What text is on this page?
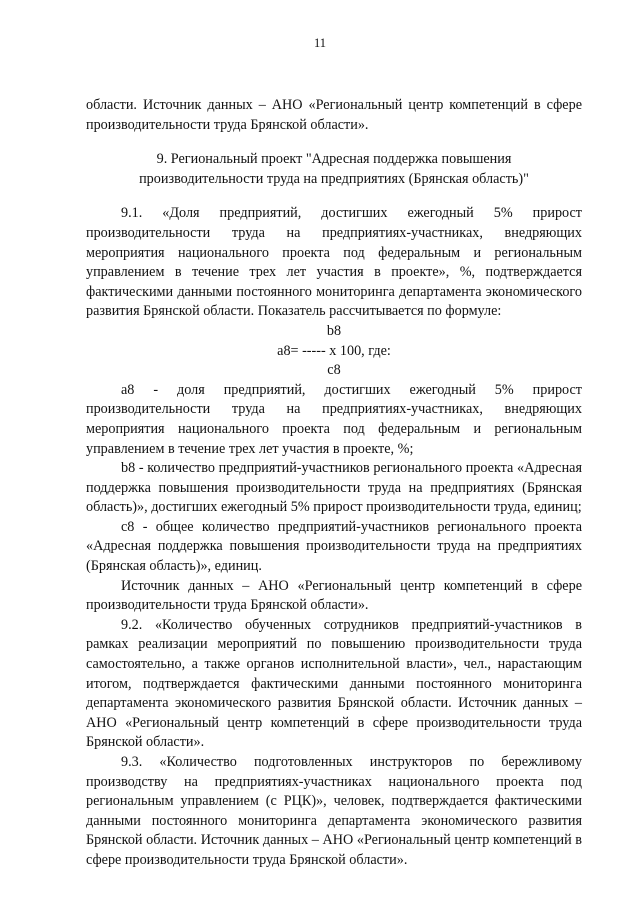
11

области. Источник данных – АНО «Региональный центр компетенций в сфере производительности труда Брянской области».

9. Региональный проект "Адресная поддержка повышения

производительности труда на предприятиях (Брянская область)"

9.1. «Доля предприятий, достигших ежегодный 5% прирост производительности труда на предприятиях-участниках, внедряющих мероприятия национального проекта под федеральным и региональным управлением в течение трех лет участия в проекте», %, подтверждается фактическими данными постоянного мониторинга департамента экономического развития Брянской области. Показатель рассчитывается по формуле:

b8
а8= ----- х 100, где:
с8

а8 - доля предприятий, достигших ежегодный 5% прирост производительности труда на предприятиях-участниках, внедряющих мероприятия национального проекта под федеральным и региональным управлением в течение трех лет участия в проекте, %;

b8 - количество предприятий-участников регионального проекта «Адресная поддержка повышения производительности труда на предприятиях (Брянская область)», достигших ежегодный 5% прирост производительности труда, единиц;

с8 - общее количество предприятий-участников регионального проекта «Адресная поддержка повышения производительности труда на предприятиях (Брянская область)», единиц.

Источник данных – АНО «Региональный центр компетенций в сфере производительности труда Брянской области».

9.2. «Количество обученных сотрудников предприятий-участников в рамках реализации мероприятий по повышению производительности труда самостоятельно, а также органов исполнительной власти», чел., нарастающим итогом, подтверждается фактическими данными постоянного мониторинга департамента экономического развития Брянской области. Источник данных – АНО «Региональный центр компетенций в сфере производительности труда Брянской области».

9.3. «Количество подготовленных инструкторов по бережливому производству на предприятиях-участниках национального проекта под региональным управлением (с РЦК)», человек, подтверждается фактическими данными постоянного мониторинга департамента экономического развития Брянской области. Источник данных – АНО «Региональный центр компетенций в сфере производительности труда Брянской области».
